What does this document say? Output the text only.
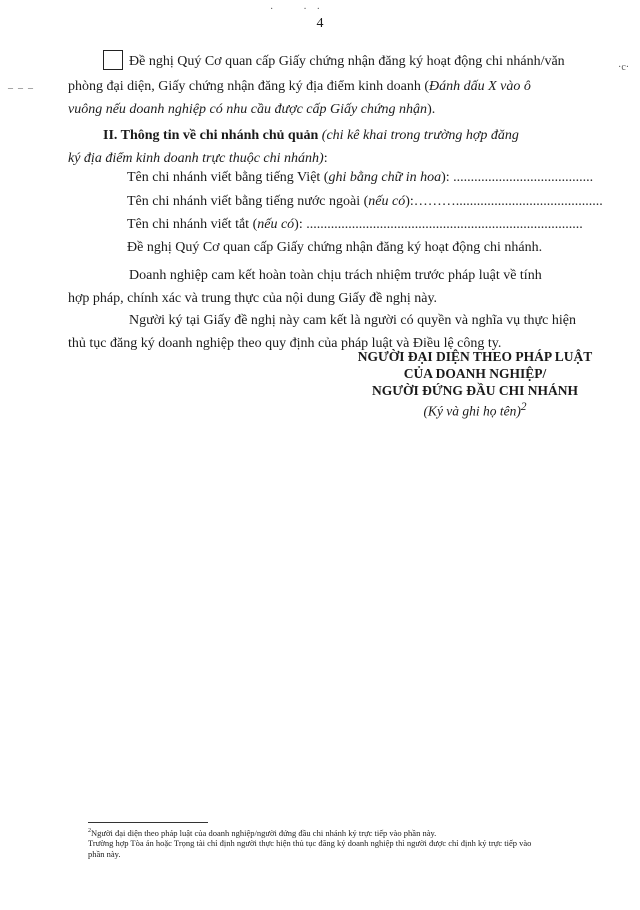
4
·            ·    ·
·c·
–  –  –
Đề nghị Quý Cơ quan cấp Giấy chứng nhận đăng ký hoạt động chi nhánh/văn
phòng đại diện, Giấy chứng nhận đăng ký địa điểm kinh doanh (Đánh dấu X vào ô
vuông nếu doanh nghiệp có nhu cầu được cấp Giấy chứng nhận).
II. Thông tin về chi nhánh chủ quản (chi kê khai trong trường hợp đăng
ký địa điểm kinh doanh trực thuộc chi nhánh):
Tên chi nhánh viết bằng tiếng Việt (ghi bằng chữ in hoa): ........................................
Tên chi nhánh viết bằng tiếng nước ngoài (nếu có):………..........................................
Tên chi nhánh viết tắt (nếu có): ...............................................................................
Đề nghị Quý Cơ quan cấp Giấy chứng nhận đăng ký hoạt động chi nhánh.
Doanh nghiệp cam kết hoàn toàn chịu trách nhiệm trước pháp luật về tính
hợp pháp, chính xác và trung thực của nội dung Giấy đề nghị này.
Người ký tại Giấy đề nghị này cam kết là người có quyền và nghĩa vụ thực hiện
thủ tục đăng ký doanh nghiệp theo quy định của pháp luật và Điều lệ công ty.
NGƯỜI ĐẠI DIỆN THEO PHÁP LUẬT
CỦA DOANH NGHIỆP/
NGƯỜI ĐỨNG ĐẦU CHI NHÁNH
(Ký và ghi họ tên)$^2$
$^2$Người đại diện theo pháp luật của doanh nghiệp/người đứng đầu chi nhánh ký trực tiếp vào phần này.
Trường hợp Tòa án hoặc Trọng tài chỉ định người thực hiện thủ tục đăng ký doanh nghiệp thì người được chỉ định ký trực tiếp vào
phần này.
